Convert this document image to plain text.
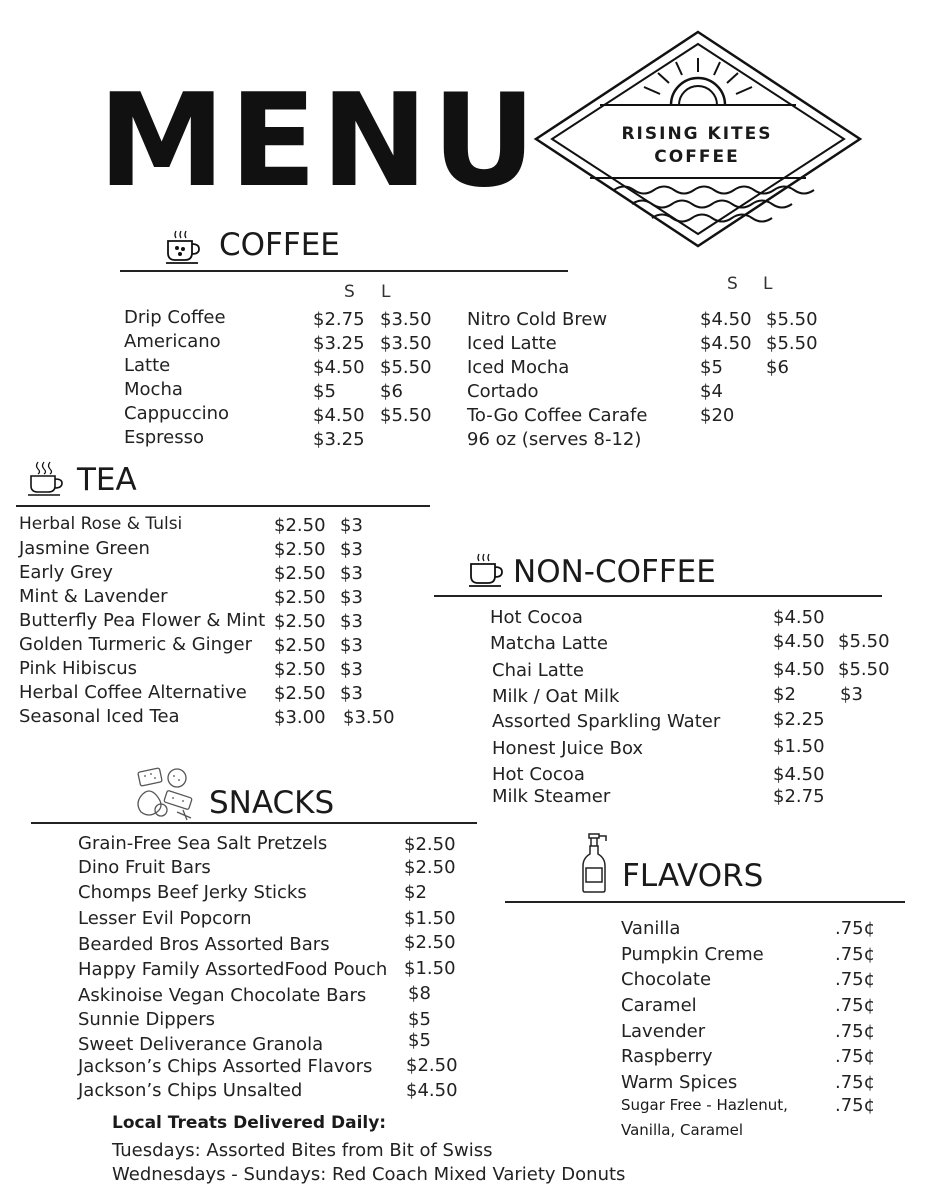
MENU	RISING KITES
COFFEE
COFFEE
S L	S L
Drip Coffee	$2.75 $3.50
Americano	$3.25 $3.50
Latte	$4.50 $5.50
Mocha	$5 $6
Cappuccino	$4.50 $5.50
Espresso	$3.25
Nitro Cold Brew	$4.50 $5.50
Iced Latte	$4.50 $5.50
Iced Mocha	$5 $6
Cortado	$4
To-Go Coffee Carafe	$20
96 oz (serves 8-12)
TEA
Herbal Rose & Tulsi	$2.50 $3
Jasmine Green	$2.50 $3
Early Grey	$2.50 $3
Mint & Lavender	$2.50 $3
Butterfly Pea Flower & Mint $2.50 $3
Golden Turmeric & Ginger $2.50 $3
Pink Hibiscus	$2.50 $3
Herbal Coffee Alternative $2.50 $3
Seasonal Iced Tea	$3.00 $3.50
NON-COFFEE
Hot Cocoa	$4.50
Matcha Latte	$4.50 $5.50
Chai Latte	$4.50 $5.50
Milk / Oat Milk	$2 $3
Assorted Sparkling Water	$2.25
Honest Juice Box	$1.50
Hot Cocoa	$4.50
Milk Steamer	$2.75
SNACKS
Grain-Free Sea Salt Pretzels	$2.50
Dino Fruit Bars	$2.50
Chomps Beef Jerky Sticks	$2
Lesser Evil Popcorn	$1.50
Bearded Bros Assorted Bars	$2.50
Happy Family AssortedFood Pouch $1.50
Askinoise Vegan Chocolate Bars $8
Sunnie Dippers	$5
Sweet Deliverance Granola	$5
Jackson’s Chips Assorted Flavors $2.50
Jackson’s Chips Unsalted	$4.50
Local Treats Delivered Daily:
Tuesdays: Assorted Bites from Bit of Swiss
Wednesdays - Sundays: Red Coach Mixed Variety Donuts
FLAVORS
Vanilla	.75¢
Pumpkin Creme	.75¢
Chocolate	.75¢
Caramel	.75¢
Lavender	.75¢
Raspberry	.75¢
Warm Spices	.75¢
Sugar Free - Hazlenut,
Vanilla, Caramel
.75¢
